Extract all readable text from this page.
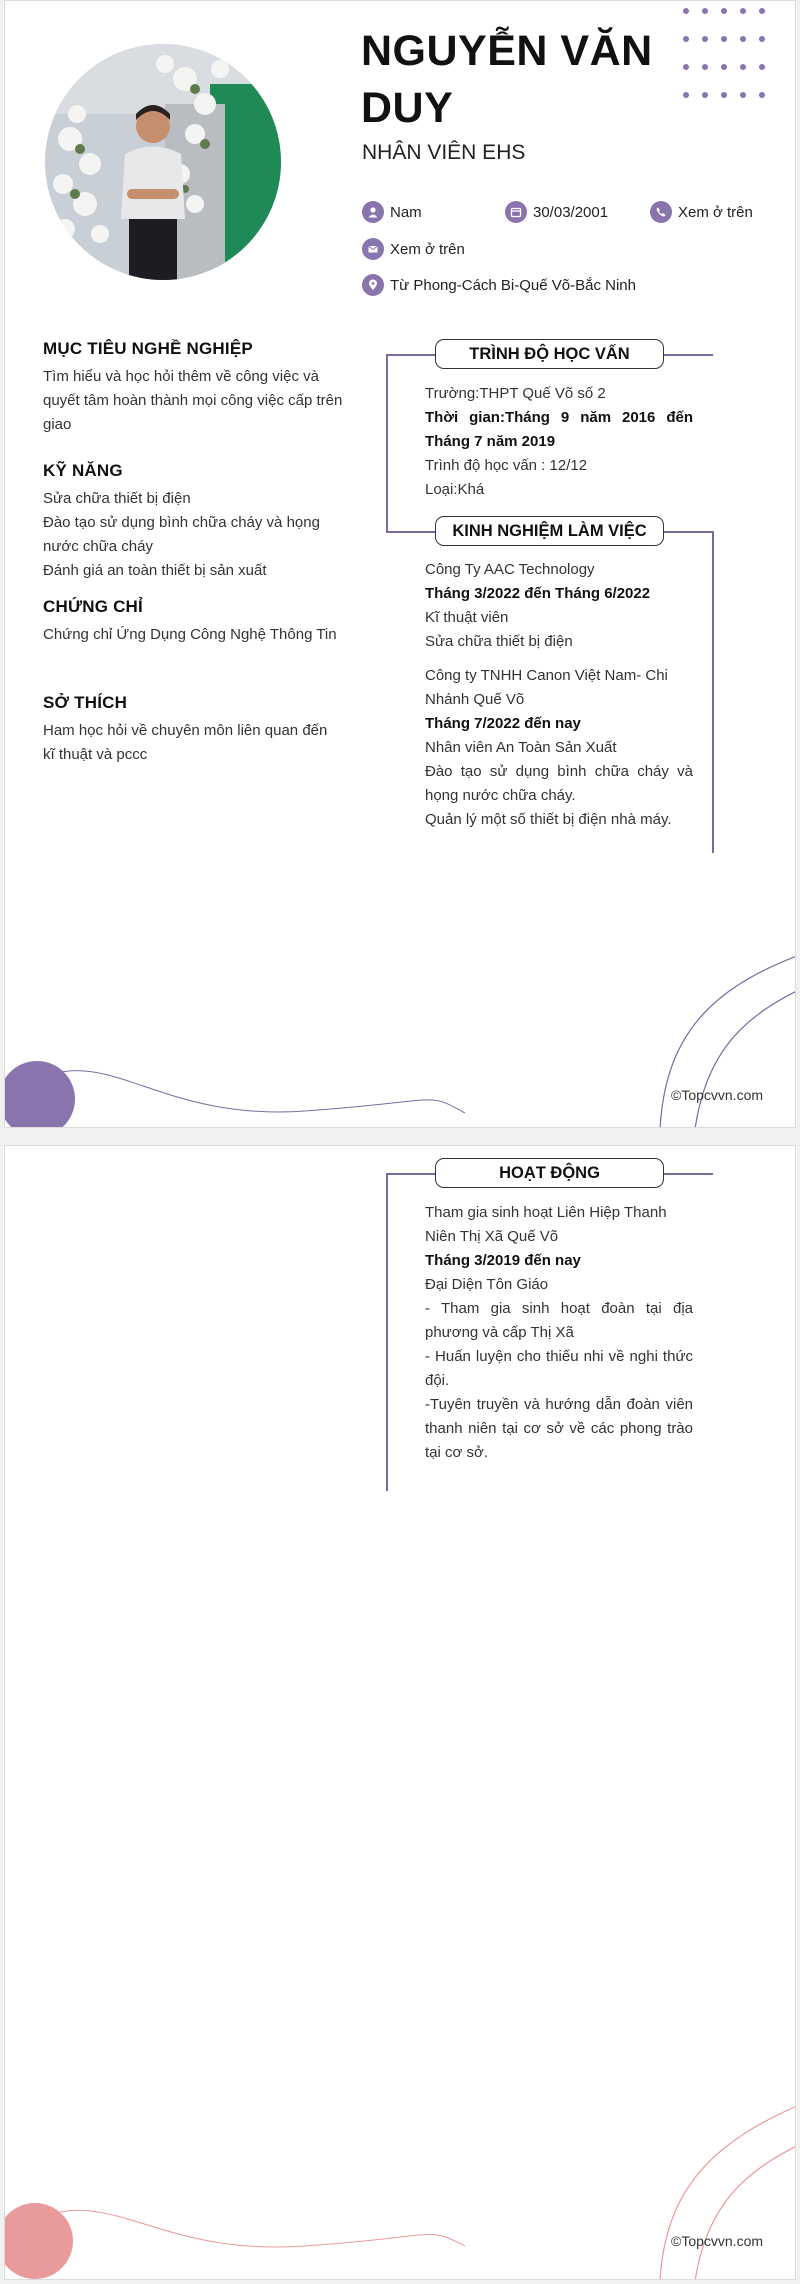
NGUYỄN VĂN DUY
NHÂN VIÊN EHS
Nam	30/03/2001	Xem ở trên
Xem ở trên
Từ Phong-Cách Bi-Quế Võ-Bắc Ninh
MỤC TIÊU NGHỀ NGHIỆP
Tìm hiểu và học hỏi thêm về công việc và quyết tâm hoàn thành mọi công việc cấp trên giao
KỸ NĂNG
Sửa chữa thiết bị điện
Đào tạo sử dụng bình chữa cháy và họng nước chữa cháy
Đánh giá an toàn thiết bị sản xuất
CHỨNG CHỈ
Chứng chỉ Ứng Dụng Công Nghệ Thông Tin
SỞ THÍCH
Ham học hỏi về chuyên môn liên quan đến kĩ thuật và pccc
TRÌNH ĐỘ HỌC VẤN
Trường:THPT Quế Võ số 2
Thời gian:Tháng 9 năm 2016 đến Tháng 7 năm 2019
Trình độ học vấn : 12/12
Loại:Khá
KINH NGHIỆM LÀM VIỆC
Công Ty AAC Technology
Tháng 3/2022 đến Tháng 6/2022
Kĩ thuật viên
Sửa chữa thiết bị điện
Công ty TNHH Canon Việt Nam- Chi Nhánh Quế Võ
Tháng 7/2022 đến nay
Nhân viên An Toàn Sản Xuất
Đào tạo sử dụng bình chữa cháy và họng nước chữa cháy.
Quản lý một số thiết bị điện nhà máy.
©Topcvvn.com
HOẠT ĐỘNG
Tham gia sinh hoạt Liên Hiệp Thanh Niên Thị Xã Quế Võ
Tháng 3/2019 đến nay
Đại Diện Tôn Giáo
- Tham gia sinh hoạt đoàn tại địa phương và cấp Thị Xã
- Huấn luyện cho thiếu nhi về nghi thức đội.
-Tuyên truyền và hướng dẫn đoàn viên thanh niên tại cơ sở về các phong trào tại cơ sở.
©Topcvvn.com
